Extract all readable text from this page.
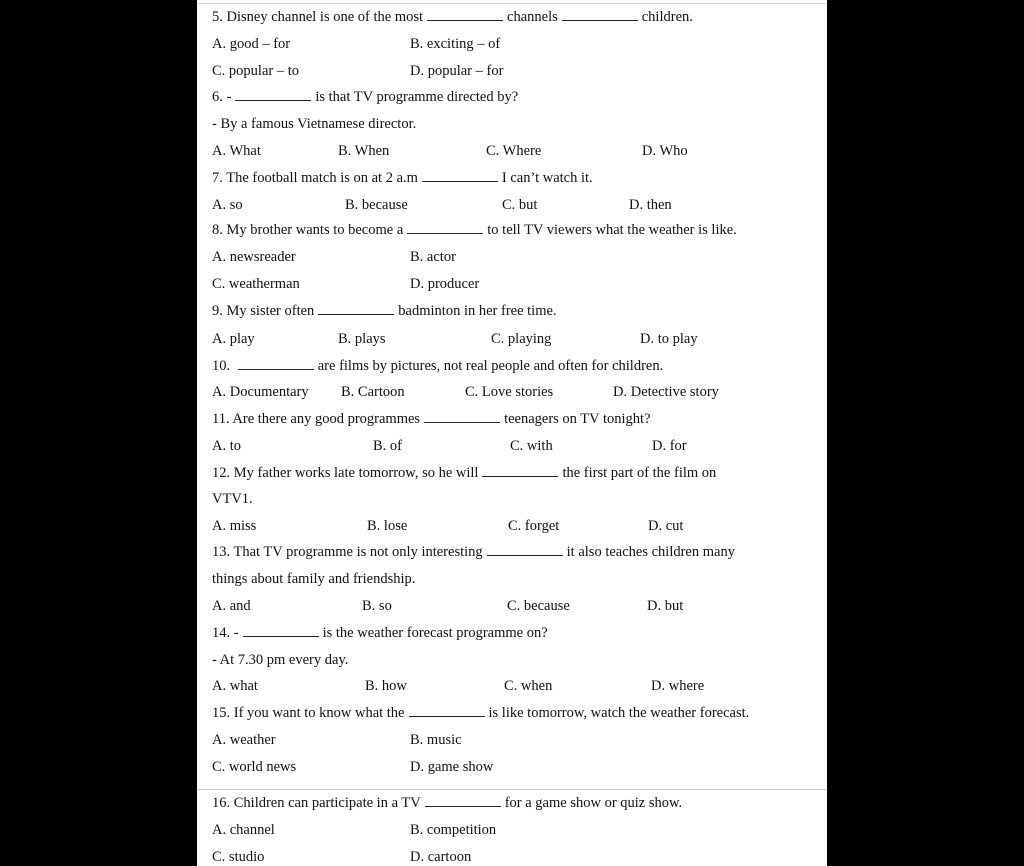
5. Disney channel is one of the most	channels	children.
A. good – for	B. exciting – of
C. popular – to	D. popular – for
6. -	is that TV programme directed by?
- By a famous Vietnamese director.
A. What	B. When	C. Where	D. Who
7. The football match is on at 2 a.m	I can’t watch it.
A. so	B. because	C. but	D. then
8. My brother wants to become a	to tell TV viewers what the weather is like.
A. newsreader	B. actor
C. weatherman	D. producer
9. My sister often	badminton in her free time.
A. play	B. plays	C. playing	D. to play
10.	are films by pictures, not real people and often for children.
A. Documentary B. Cartoon	C. Love stories	D. Detective story
11. Are there any good programmes	teenagers on TV tonight?
A. to	B. of	C. with	D. for
12. My father works late tomorrow, so he will	the first part of the film on
VTV1.
A. miss	B. lose	C. forget	D. cut
13. That TV programme is not only interesting	it also teaches children many
things about family and friendship.
A. and	B. so	C. because	D. but
14. -	is the weather forecast programme on?
- At 7.30 pm every day.
A. what	B. how	C. when	D. where
15. If you want to know what the	is like tomorrow, watch the weather forecast.
A. weather	B. music
C. world news	D. game show
16. Children can participate in a TV	for a game show or quiz show.
A. channel	B. competition
C. studio	D. cartoon
